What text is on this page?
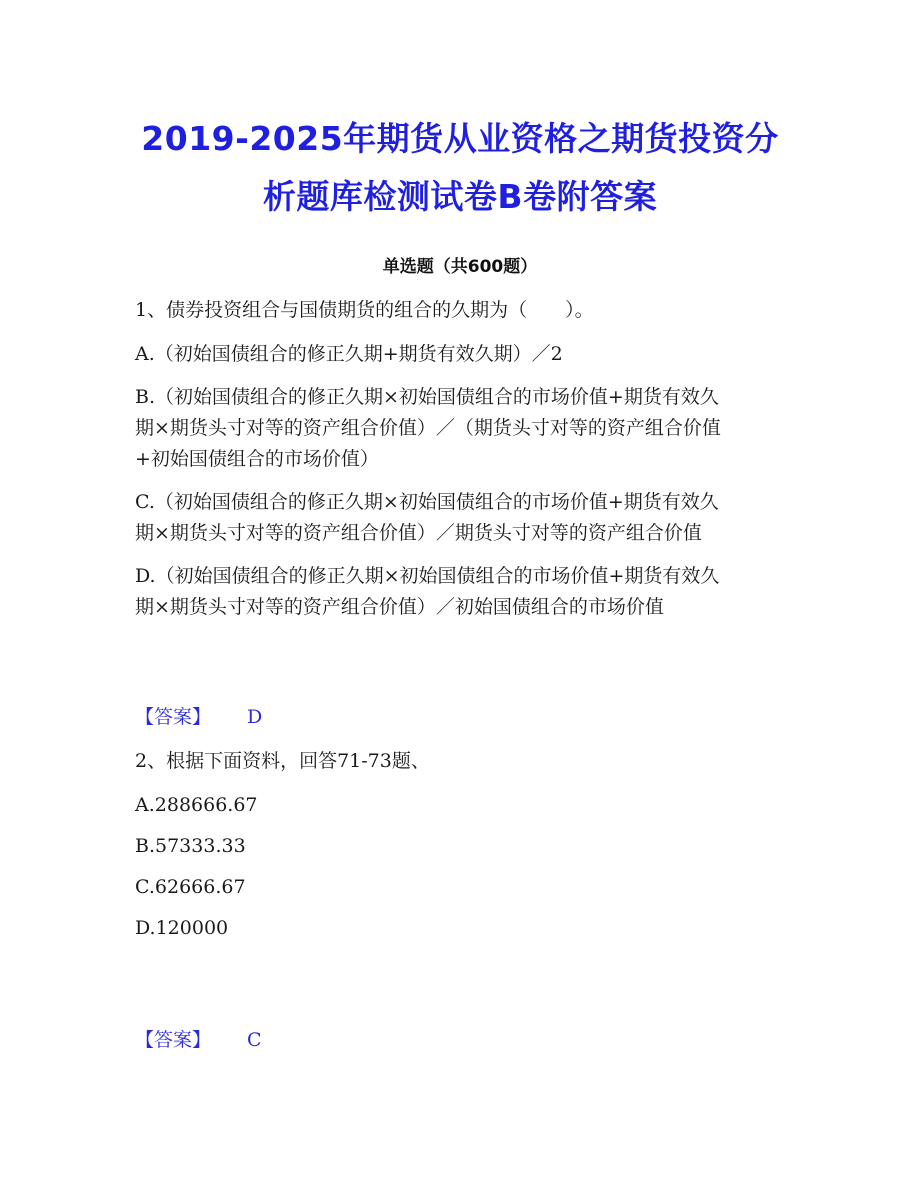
2019-2025年期货从业资格之期货投资分
析题库检测试卷B卷附答案
单选题（共600题）
1、债券投资组合与国债期货的组合的久期为（　　）。
A.（初始国债组合的修正久期+期货有效久期）／2
B.（初始国债组合的修正久期×初始国债组合的市场价值+期货有效久
期×期货头寸对等的资产组合价值）／（期货头寸对等的资产组合价值
+初始国债组合的市场价值）
C.（初始国债组合的修正久期×初始国债组合的市场价值+期货有效久
期×期货头寸对等的资产组合价值）／期货头寸对等的资产组合价值
D.（初始国债组合的修正久期×初始国债组合的市场价值+期货有效久
期×期货头寸对等的资产组合价值）／初始国债组合的市场价值
【答案】 D
2、根据下面资料，回答71-73题、
A.288666.67
B.57333.33
C.62666.67
D.120000
【答案】 C
